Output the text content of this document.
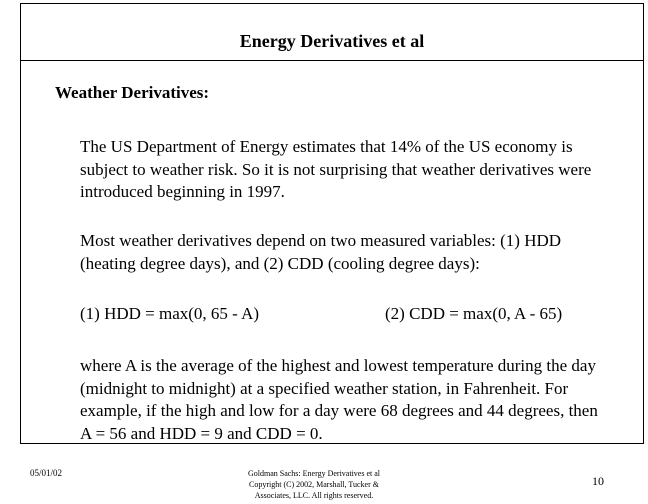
Energy Derivatives et al
Weather Derivatives:

The US Department of Energy estimates that 14% of the US economy is subject to weather risk. So it is not surprising that weather derivatives were introduced beginning in 1997.

Most weather derivatives depend on two measured variables: (1) HDD (heating degree days), and (2) CDD (cooling degree days):

(1) HDD = max(0, 65 - A)	(2) CDD = max(0, A - 65)

where A is the average of the highest and lowest temperature during the day (midnight to midnight) at a specified weather station, in Fahrenheit. For example, if the high and low for a day were 68 degrees and 44 degrees, then A = 56 and HDD = 9 and CDD = 0.

05/01/02	Goldman Sachs: Energy Derivatives et al
Copyright (C) 2002, Marshall, Tucker &
Associates, LLC. All rights reserved.
10
